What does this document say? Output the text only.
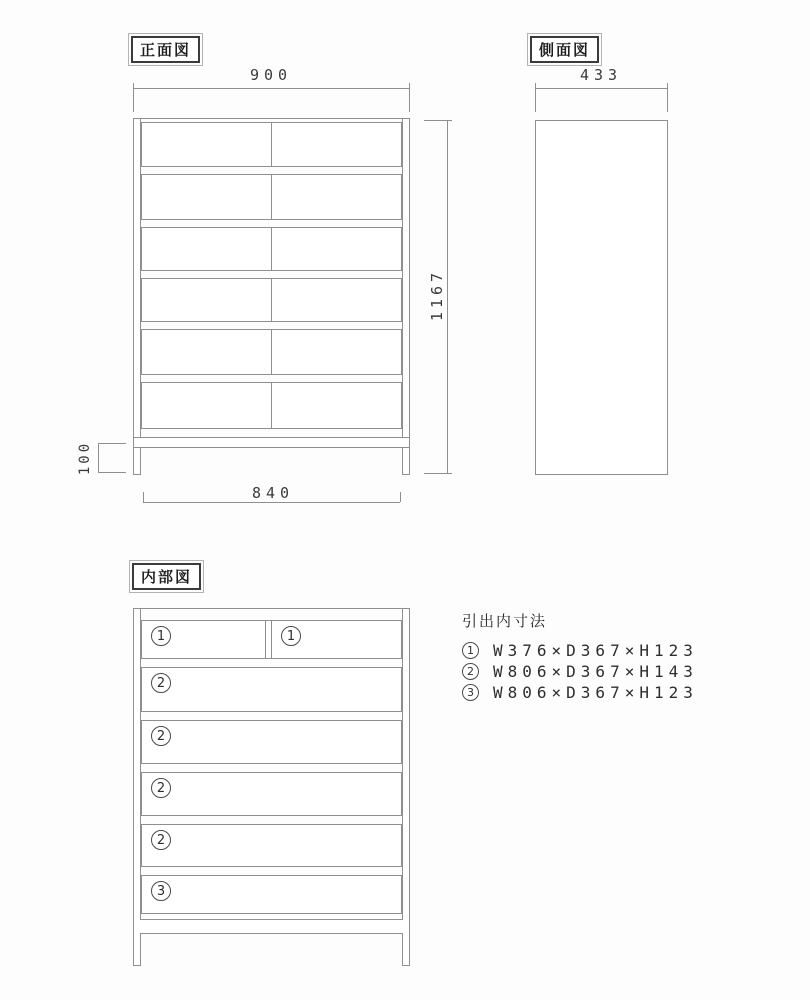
正面図
900
1167
100
840
側面図
433
内部図
1	1
2
2
2
2
3
引出内寸法
1	W376×D367×H123
2	W806×D367×H143
3	W806×D367×H123
